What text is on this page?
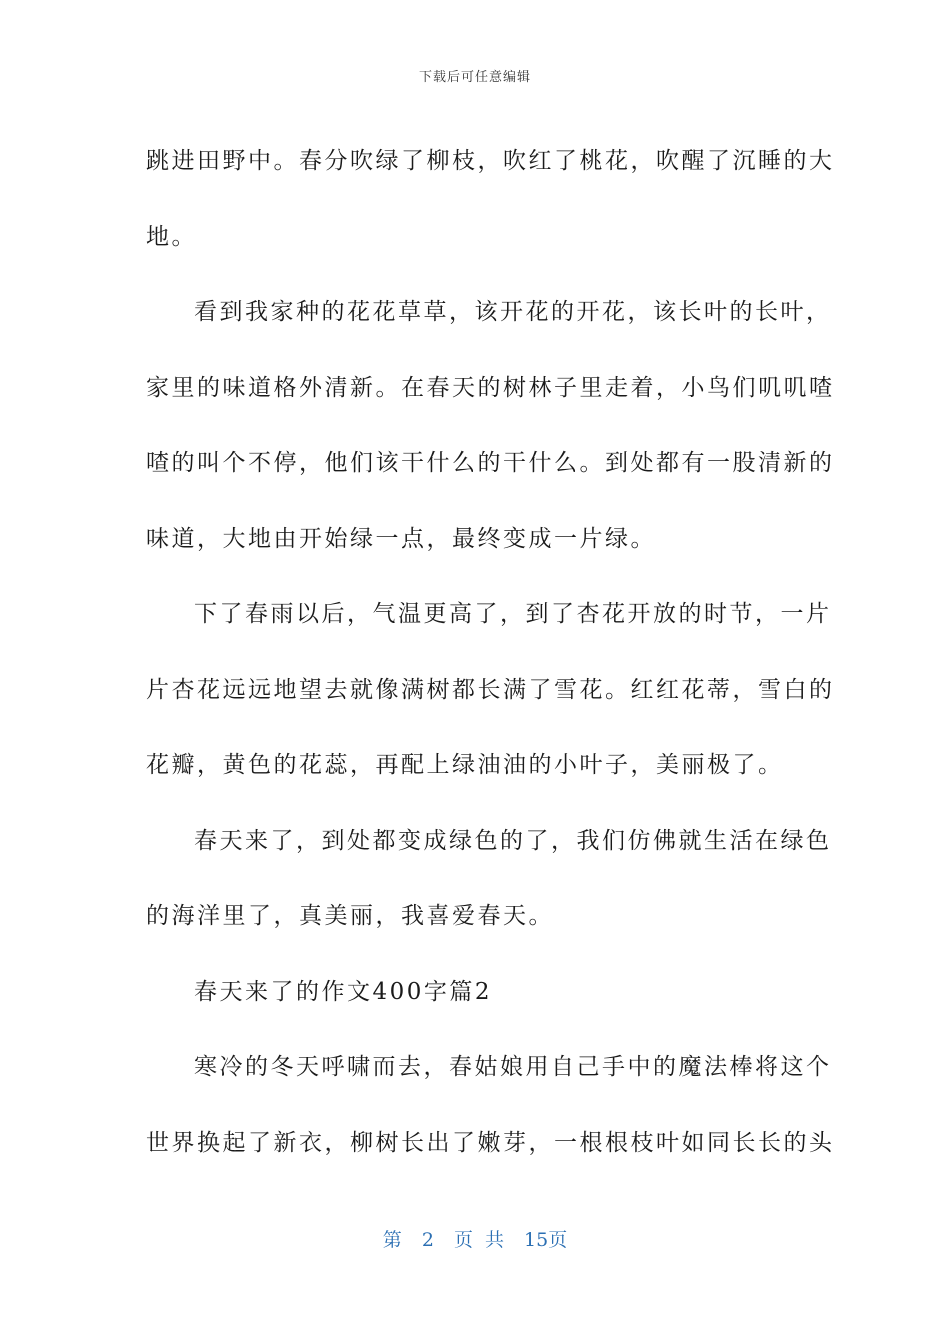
下载后可任意编辑
跳进田野中。春分吹绿了柳枝，吹红了桃花，吹醒了沉睡的大
地。
看到我家种的花花草草，该开花的开花，该长叶的长叶，
家里的味道格外清新。在春天的树林子里走着，小鸟们叽叽喳
喳的叫个不停，他们该干什么的干什么。到处都有一股清新的
味道，大地由开始绿一点，最终变成一片绿。
下了春雨以后，气温更高了，到了杏花开放的时节，一片
片杏花远远地望去就像满树都长满了雪花。红红花蒂，雪白的
花瓣，黄色的花蕊，再配上绿油油的小叶子，美丽极了。
春天来了，到处都变成绿色的了，我们仿佛就生活在绿色
的海洋里了，真美丽，我喜爱春天。
春天来了的作文400字篇2
寒冷的冬天呼啸而去，春姑娘用自己手中的魔法棒将这个
世界换起了新衣，柳树长出了嫩芽，一根根枝叶如同长长的头
第 2 页 共 15页
